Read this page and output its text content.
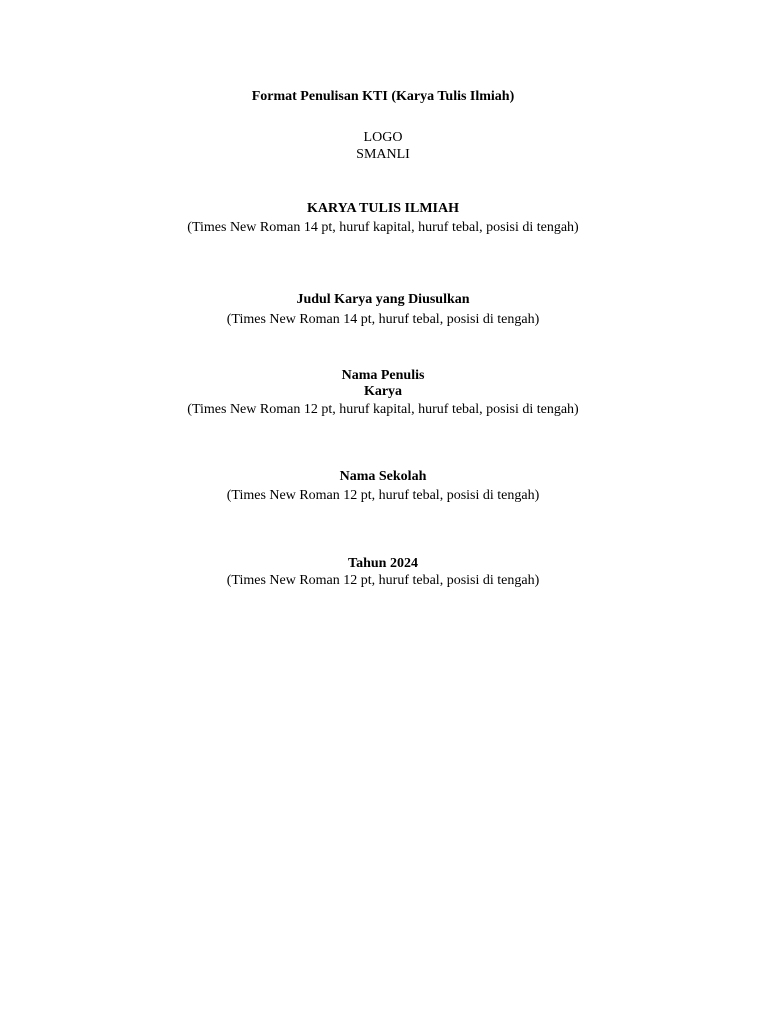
Format Penulisan KTI (Karya Tulis Ilmiah)
LOGO
SMANLI
KARYA TULIS ILMIAH
(Times New Roman 14 pt, huruf kapital, huruf tebal, posisi di tengah)
Judul Karya yang Diusulkan
(Times New Roman 14 pt, huruf tebal, posisi di tengah)
Nama Penulis
Karya
(Times New Roman 12 pt, huruf kapital, huruf tebal, posisi di tengah)
Nama Sekolah
(Times New Roman 12 pt, huruf tebal, posisi di tengah)
Tahun 2024
(Times New Roman 12 pt, huruf tebal, posisi di tengah)
